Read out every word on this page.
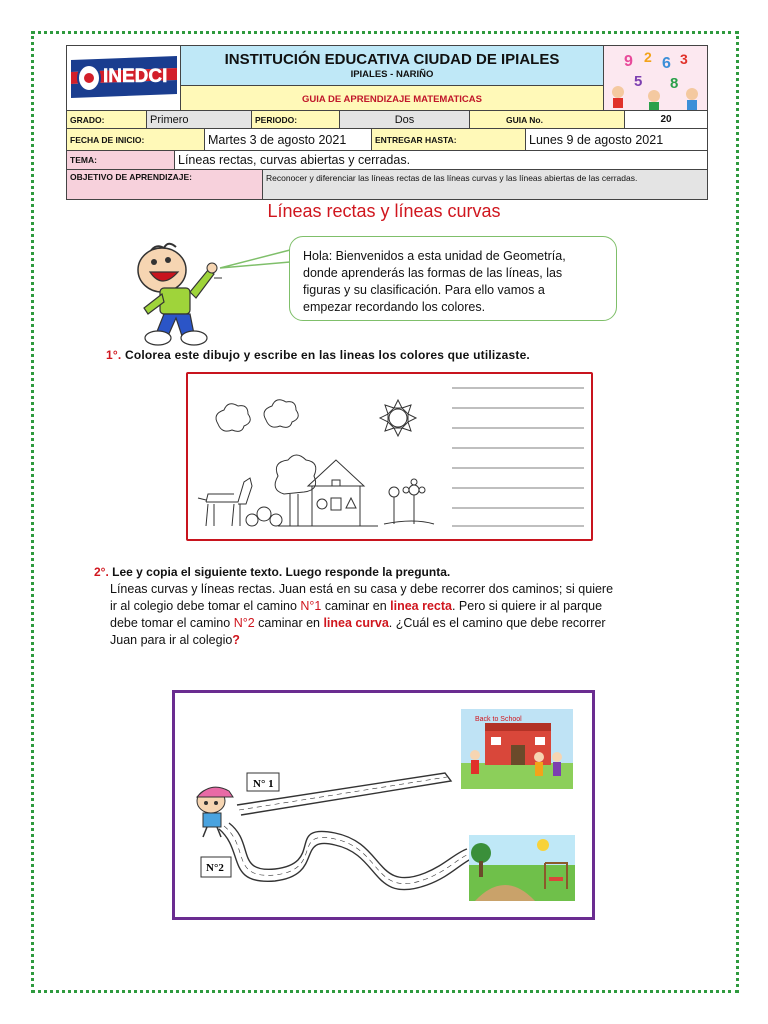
INEDCI
INSTITUCIÓN EDUCATIVA CIUDAD DE IPIALES
IPIALES - NARIÑO
GUIA DE APRENDIZAJE MATEMATICAS
9 2 6 3
5 8
GRADO:	Primero	PERIODO:	Dos	GUIA No.	20
FECHA DE INICIO:	Martes 3 de agosto 2021	ENTREGAR HASTA:	Lunes 9 de agosto 2021
TEMA:	Líneas rectas, curvas abiertas y cerradas.
OBJETIVO DE APRENDIZAJE:	Reconocer y diferenciar las líneas rectas de las líneas curvas y las líneas abiertas de las cerradas.
Líneas rectas y líneas curvas
Hola: Bienvenidos a esta unidad de Geometría,
donde aprenderás las formas de las líneas, las
figuras y su clasificación. Para ello vamos a
empezar recordando los colores.
1°. Colorea este dibujo y escribe en las lineas los colores que utilizaste.
2°. Lee y copia el siguiente texto. Luego responde la pregunta.
Líneas curvas y líneas rectas. Juan está en su casa y debe recorrer dos caminos; si quiere
ir al colegio debe tomar el camino N°1 caminar en linea recta. Pero si quiere ir al parque
debe tomar el camino N°2 caminar en linea curva. ¿Cuál es el camino que debe recorrer
Juan para ir al colegio?
N° 1
N°2
Back to School
